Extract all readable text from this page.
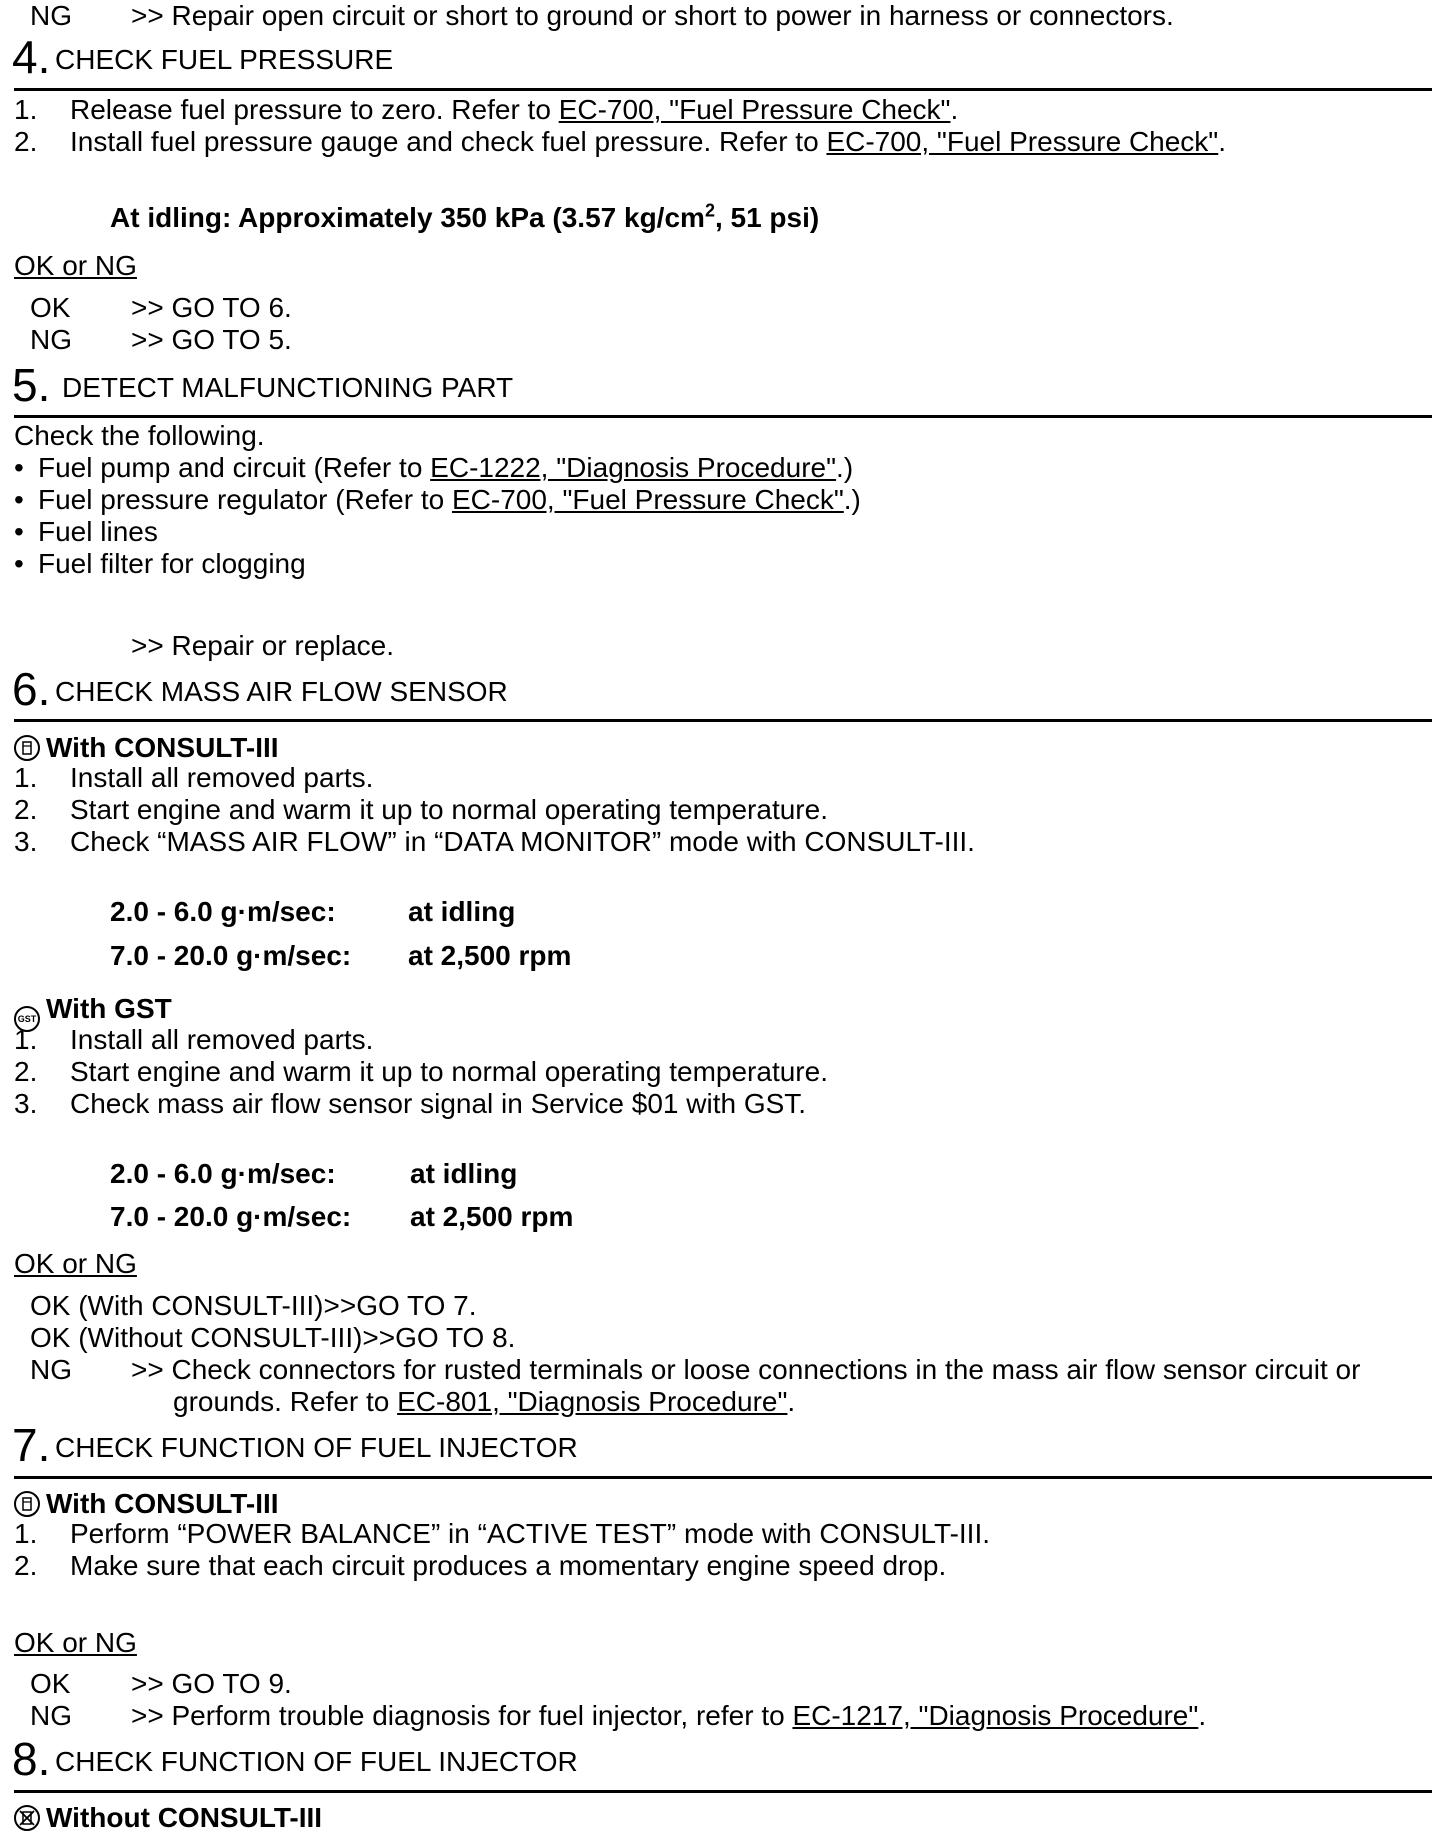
NG >> Repair open circuit or short to ground or short to power in harness or connectors.
4. CHECK FUEL PRESSURE
1. Release fuel pressure to zero. Refer to EC-700, "Fuel Pressure Check".
2. Install fuel pressure gauge and check fuel pressure. Refer to EC-700, "Fuel Pressure Check".
At idling: Approximately 350 kPa (3.57 $kg/cm^2$, 51 psi)
OK or NG
OK >> GO TO 6.
NG >> GO TO 5.
5. DETECT MALFUNCTIONING PART
Check the following.
• Fuel pump and circuit (Refer to EC-1222, "Diagnosis Procedure".)
• Fuel pressure regulator (Refer to EC-700, "Fuel Pressure Check".)
• Fuel lines
• Fuel filter for clogging
>> Repair or replace.
6. CHECK MASS AIR FLOW SENSOR
With CONSULT-III
1. Install all removed parts.
2. Start engine and warm it up to normal operating temperature.
3. Check “MASS AIR FLOW” in “DATA MONITOR” mode with CONSULT-III.
2.0 - 6.0 g·m/sec:	at idling
7.0 - 20.0 g·m/sec: at 2,500 rpm
GST With GST
1. Install all removed parts.
2. Start engine and warm it up to normal operating temperature.
3. Check mass air flow sensor signal in Service $01 with GST.
2.0 - 6.0 g·m/sec:	at idling
7.0 - 20.0 g·m/sec: at 2,500 rpm
OK or NG
OK (With CONSULT-III)>>GO TO 7.
OK (Without CONSULT-III)>>GO TO 8.
NG >> Check connectors for rusted terminals or loose connections in the mass air flow sensor circuit or
grounds. Refer to EC-801, "Diagnosis Procedure".
7. CHECK FUNCTION OF FUEL INJECTOR
With CONSULT-III
1. Perform “POWER BALANCE” in “ACTIVE TEST” mode with CONSULT-III.
2. Make sure that each circuit produces a momentary engine speed drop.
OK or NG
OK >> GO TO 9.
NG >> Perform trouble diagnosis for fuel injector, refer to EC-1217, "Diagnosis Procedure".
8. CHECK FUNCTION OF FUEL INJECTOR
Without CONSULT-III
